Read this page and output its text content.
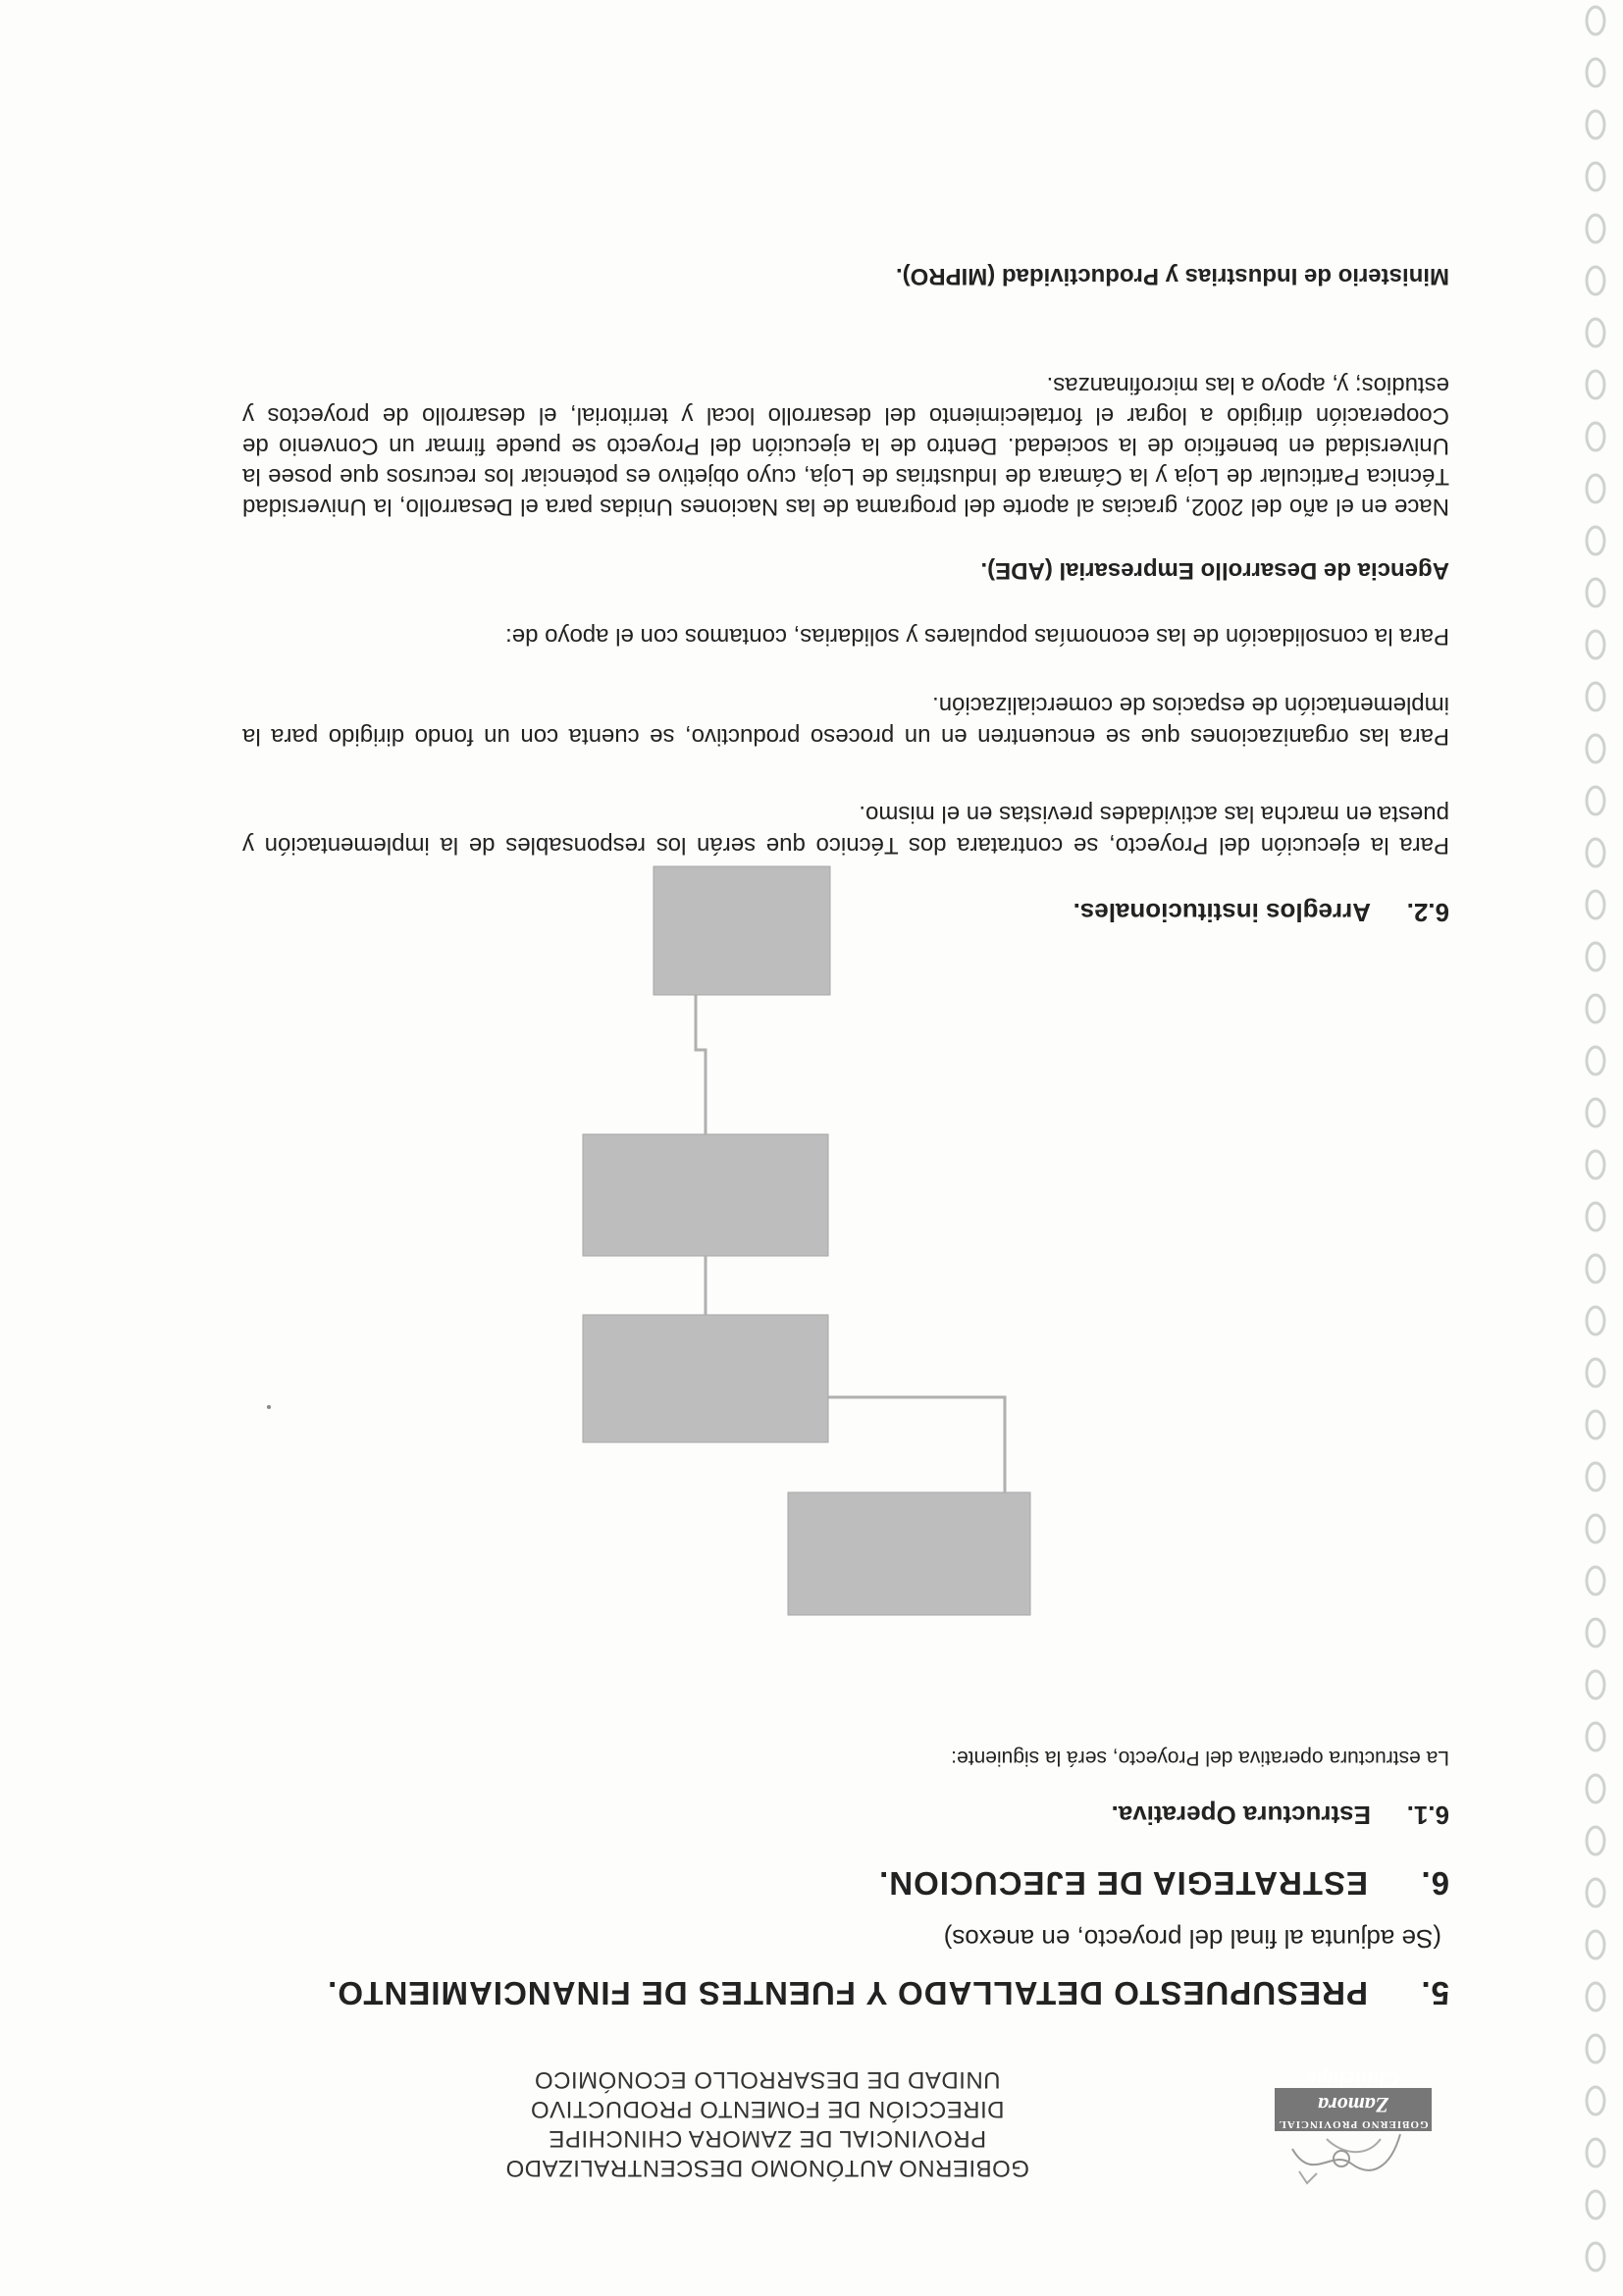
GOBIERNO PROVINCIAL
Zamora Chinchipe
GOBIERNO AUTÓNOMO DESCENTRALIZADO
PROVINCIAL DE ZAMORA CHINCHIPE
DIRECCIÓN DE FOMENTO PRODUCTIVO
UNIDAD DE DESARROLLO ECONÓMICO
5.PRESUPUESTO DETALLADO Y FUENTES DE FINANCIAMIENTO.
(Se adjunta al final del proyecto, en anexos)
6.ESTRATEGIA DE EJECUCION.
6.1.Estructura Operativa.
La estructura operativa del Proyecto, será la siguiente:
6.2.Arreglos institucionales.
Para la ejecución del Proyecto, se contratara dos Técnico que serán los responsables de la implementación y puesta en marcha las actividades previstas en el mismo.
Para las organizaciones que se encuentren en un proceso productivo, se cuenta con un fondo dirigido para la implementación de espacios de comercialización.
Para la consolidación de las economías populares y solidarias, contamos con el apoyo de:
Agencia de Desarrollo Empresarial (ADE).
Nace en el año del 2002, gracias al aporte del programa de las Naciones Unidas para el Desarrollo, la Universidad Técnica Particular de Loja y la Cámara de Industrias de Loja, cuyo objetivo es potenciar los recursos que posee la Universidad en beneficio de la sociedad. Dentro de la ejecución del Proyecto se puede firmar un Convenio de Cooperación dirigido a lograr el fortalecimiento del desarrollo local y territorial, el desarrollo de proyectos y estudios; y, apoyo a las microfinanzas.
Ministerio de Industrias y Productividad (MIPRO).
